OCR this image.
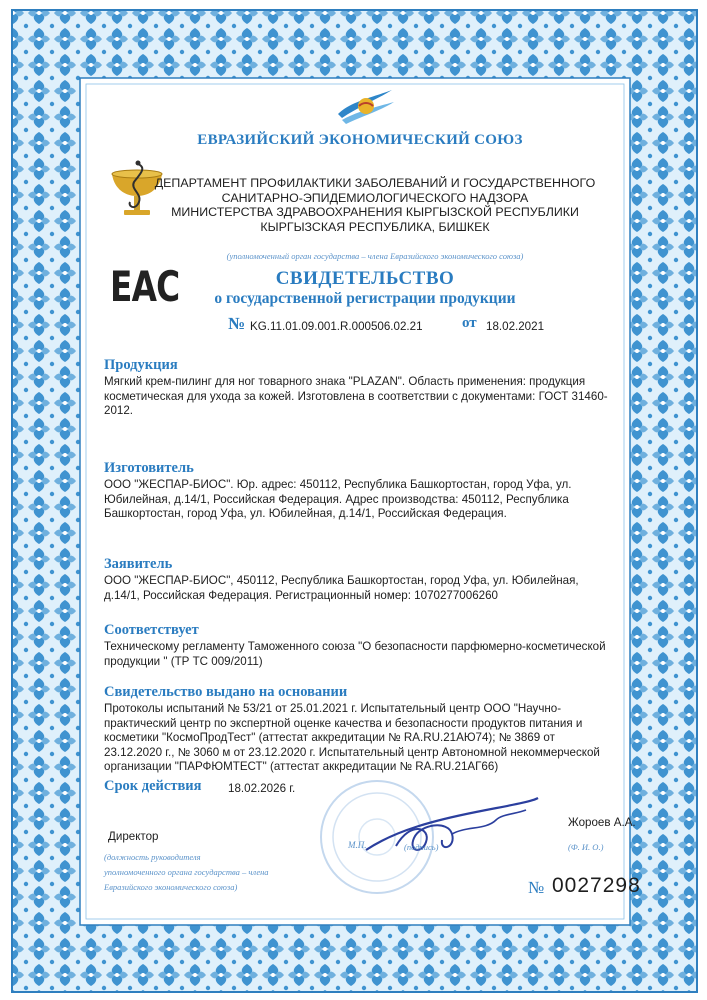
ЕВРАЗИЙСКИЙ ЭКОНОМИЧЕСКИЙ СОЮЗ
ДЕПАРТАМЕНТ ПРОФИЛАКТИКИ ЗАБОЛЕВАНИЙ И ГОСУДАРСТВЕННОГО
САНИТАРНО-ЭПИДЕМИОЛОГИЧЕСКОГО НАДЗОРА
МИНИСТЕРСТВА ЗДРАВООХРАНЕНИЯ КЫРГЫЗСКОЙ РЕСПУБЛИКИ
КЫРГЫЗСКАЯ РЕСПУБЛИКА, БИШКЕК
(уполномоченный орган государства – члена Евразийского экономического союза)
ЕАС	СВИДЕТЕЛЬСТВО
о государственной регистрации продукции
№ KG.11.01.09.001.R.000506.02.21	от 18.02.2021
Продукция
Мягкий крем-пилинг для ног товарного знака "PLAZAN". Область применения: продукция косметическая для ухода за кожей. Изготовлена в соответствии с документами: ГОСТ 31460-2012.
Изготовитель
ООО "ЖЕСПАР-БИОС". Юр. адрес: 450112, Республика Башкортостан, город Уфа, ул. Юбилейная, д.14/1, Российская Федерация. Адрес производства: 450112, Республика Башкортостан, город Уфа, ул. Юбилейная, д.14/1, Российская Федерация.
Заявитель
ООО "ЖЕСПАР-БИОС", 450112, Республика Башкортостан, город Уфа, ул. Юбилейная, д.14/1, Российская Федерация. Регистрационный номер: 1070277006260
Соответствует
Техническому регламенту Таможенного союза "О безопасности парфюмерно-косметической продукции " (ТР ТС 009/2011)
Свидетельство выдано на основании
Протоколы испытаний № 53/21 от 25.01.2021 г. Испытательный центр ООО "Научно-практический центр по экспертной оценке качества и безопасности продуктов питания и косметики "КосмоПродТест" (аттестат аккредитации № RA.RU.21АЮ74); № 3869 от 23.12.2020 г., № 3060 м от 23.12.2020 г. Испытательный центр Автономной некоммерческой организации "ПАРФЮМТЕСТ" (аттестат аккредитации № RA.RU.21АГ66)
Срок действия 18.02.2026 г.
Директор
(должность руководителя
уполномоченного органа государства – члена
Евразийского экономического союза)
М.П.	(подпись)
Жороев А.А.
(Ф. И. О.)
№ 0027298
